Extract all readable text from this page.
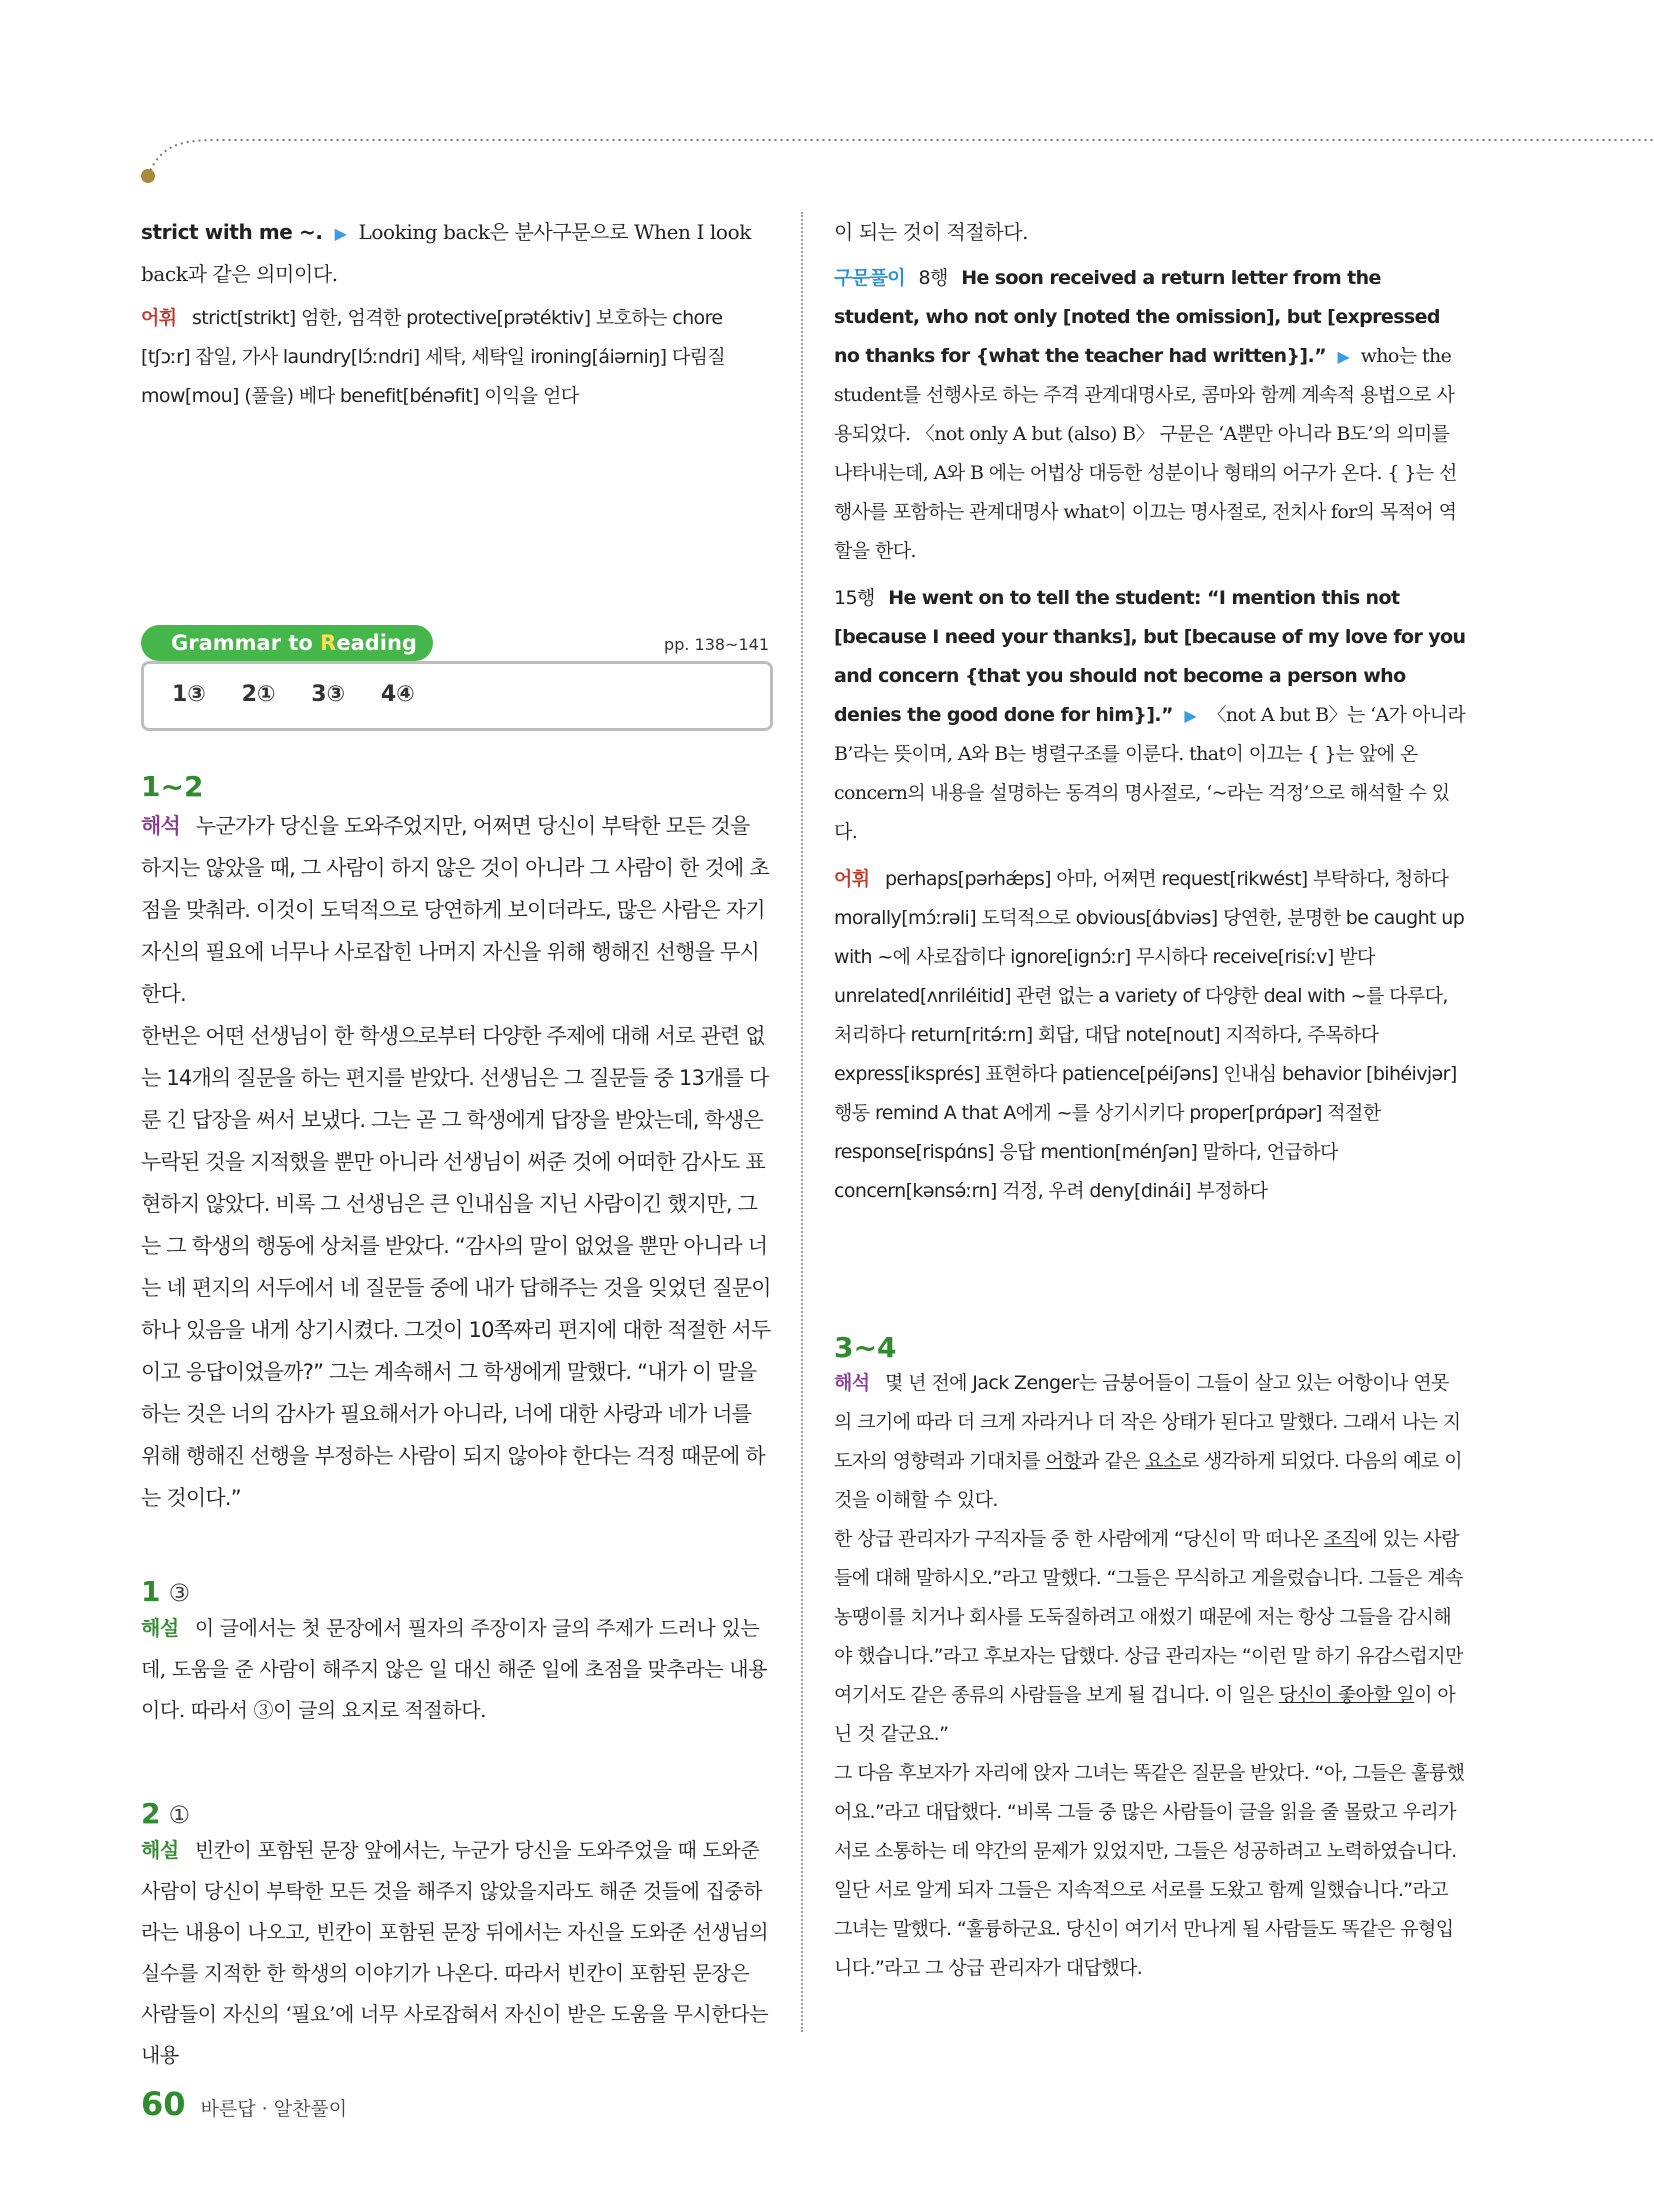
strict with me ~. ▶ Looking back은 분사구문으로 When I look back과 같은 의미이다.

어휘 strict[strikt] 엄한, 엄격한 protective[prətéktiv] 보호하는 chore [tʃɔːr] 잡일, 가사 laundry[lɔ́ːndri] 세탁, 세탁일 ironing[áiərniŋ] 다림질 mow[mou] (풀을) 베다 benefit[bénəfit] 이익을 얻다

Grammar to Reading	pp. 138~141
1③ 2① 3③ 4④
1~2

해석 누군가가 당신을 도와주었지만, 어쩌면 당신이 부탁한 모든 것을 하지는 않았을 때, 그 사람이 하지 않은 것이 아니라 그 사람이 한 것에 초점을 맞춰라. 이것이 도덕적으로 당연하게 보이더라도, 많은 사람은 자기 자신의 필요에 너무나 사로잡힌 나머지 자신을 위해 행해진 선행을 무시한다.

한번은 어떤 선생님이 한 학생으로부터 다양한 주제에 대해 서로 관련 없는 14개의 질문을 하는 편지를 받았다. 선생님은 그 질문들 중 13개를 다룬 긴 답장을 써서 보냈다. 그는 곧 그 학생에게 답장을 받았는데, 학생은 누락된 것을 지적했을 뿐만 아니라 선생님이 써준 것에 어떠한 감사도 표현하지 않았다. 비록 그 선생님은 큰 인내심을 지닌 사람이긴 했지만, 그는 그 학생의 행동에 상처를 받았다. “감사의 말이 없었을 뿐만 아니라 너는 네 편지의 서두에서 네 질문들 중에 내가 답해주는 것을 잊었던 질문이 하나 있음을 내게 상기시켰다. 그것이 10쪽짜리 편지에 대한 적절한 서두이고 응답이었을까?” 그는 계속해서 그 학생에게 말했다. “내가 이 말을 하는 것은 너의 감사가 필요해서가 아니라, 너에 대한 사랑과 네가 너를 위해 행해진 선행을 부정하는 사람이 되지 않아야 한다는 걱정 때문에 하는 것이다.”

1 ③

해설 이 글에서는 첫 문장에서 필자의 주장이자 글의 주제가 드러나 있는데, 도움을 준 사람이 해주지 않은 일 대신 해준 일에 초점을 맞추라는 내용이다. 따라서 ③이 글의 요지로 적절하다.

2 ①

해설 빈칸이 포함된 문장 앞에서는, 누군가 당신을 도와주었을 때 도와준 사람이 당신이 부탁한 모든 것을 해주지 않았을지라도 해준 것들에 집중하라는 내용이 나오고, 빈칸이 포함된 문장 뒤에서는 자신을 도와준 선생님의 실수를 지적한 한 학생의 이야기가 나온다. 따라서 빈칸이 포함된 문장은 사람들이 자신의 ‘필요’에 너무 사로잡혀서 자신이 받은 도움을 무시한다는 내용

이 되는 것이 적절하다.

구문풀이 8행 He soon received a return letter from the student, who not only [noted the omission], but [expressed no thanks for {what the teacher had written}].” ▶ who는 the student를 선행사로 하는 주격 관계대명사로, 콤마와 함께 계속적 용법으로 사용되었다. 〈not only A but (also) B〉 구문은 ‘A뿐만 아니라 B도’의 의미를 나타내는데, A와 B 에는 어법상 대등한 성분이나 형태의 어구가 온다. { }는 선행사를 포함하는 관계대명사 what이 이끄는 명사절로, 전치사 for의 목적어 역할을 한다.

15행 He went on to tell the student: “I mention this not [because I need your thanks], but [because of my love for you and concern {that you should not become a person who denies the good done for him}].” ▶ 〈not A but B〉는 ‘A가 아니라 B’라는 뜻이며, A와 B는 병렬구조를 이룬다. that이 이끄는 { }는 앞에 온 concern의 내용을 설명하는 동격의 명사절로, ‘~라는 걱정’으로 해석할 수 있다.

어휘 perhaps[pərhǽps] 아마, 어쩌면 request[rikwést] 부탁하다, 청하다 morally[mɔ́ːrəli] 도덕적으로 obvious[ɑ́bviəs] 당연한, 분명한 be caught up with ~에 사로잡히다 ignore[ignɔ́ːr] 무시하다 receive[risíːv] 받다 unrelated[ʌnriléitid] 관련 없는 a variety of 다양한 deal with ~를 다루다, 처리하다 return[ritə́ːrn] 회답, 대답 note[nout] 지적하다, 주목하다 express[iksprés] 표현하다 patience[péiʃəns] 인내심 behavior [bihéivjər] 행동 remind A that A에게 ~를 상기시키다 proper[prɑ́pər] 적절한 response[rispɑ́ns] 응답 mention[ménʃən] 말하다, 언급하다 concern[kənsə́ːrn] 걱정, 우려 deny[dinái] 부정하다

3~4

해석 몇 년 전에 Jack Zenger는 금붕어들이 그들이 살고 있는 어항이나 연못의 크기에 따라 더 크게 자라거나 더 작은 상태가 된다고 말했다. 그래서 나는 지도자의 영향력과 기대치를 어항과 같은 요소로 생각하게 되었다. 다음의 예로 이것을 이해할 수 있다.

한 상급 관리자가 구직자들 중 한 사람에게 “당신이 막 떠나온 조직에 있는 사람들에 대해 말하시오.”라고 말했다. “그들은 무식하고 게을렀습니다. 그들은 계속 농땡이를 치거나 회사를 도둑질하려고 애썼기 때문에 저는 항상 그들을 감시해야 했습니다.”라고 후보자는 답했다. 상급 관리자는 “이런 말 하기 유감스럽지만 여기서도 같은 종류의 사람들을 보게 될 겁니다. 이 일은 당신이 좋아할 일이 아닌 것 같군요.”

그 다음 후보자가 자리에 앉자 그녀는 똑같은 질문을 받았다. “아, 그들은 훌륭했어요.”라고 대답했다. “비록 그들 중 많은 사람들이 글을 읽을 줄 몰랐고 우리가 서로 소통하는 데 약간의 문제가 있었지만, 그들은 성공하려고 노력하였습니다. 일단 서로 알게 되자 그들은 지속적으로 서로를 도왔고 함께 일했습니다.”라고 그녀는 말했다. “훌륭하군요. 당신이 여기서 만나게 될 사람들도 똑같은 유형입니다.”라고 그 상급 관리자가 대답했다.

60 바른답 · 알찬풀이
